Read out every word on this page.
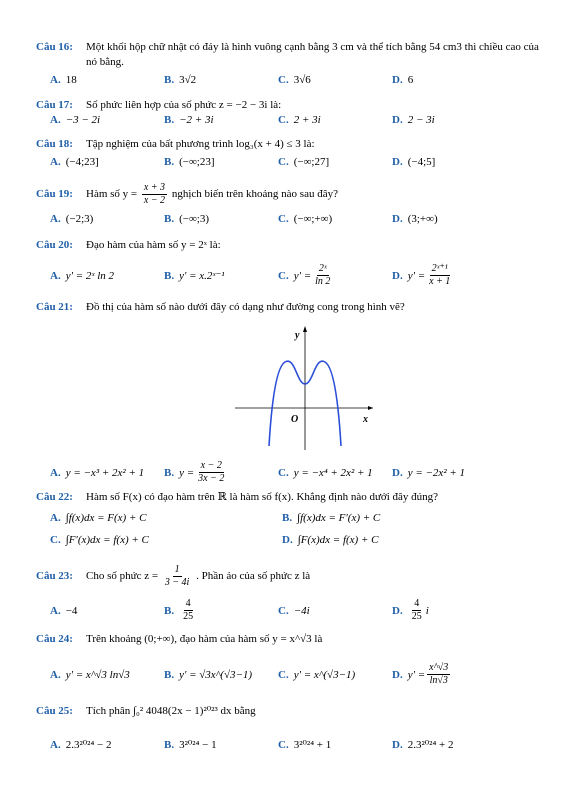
Câu 16:	Một khối hộp chữ nhật có đáy là hình vuông cạnh bằng 3 cm và thể tích bằng 54 cm3 thì chiều cao của nó bằng.
A. 18	B. 3√2	C. 3√6	D. 6
Câu 17:	Số phức liên hợp của số phức z = −2 − 3i là:
A. −3 − 2i	B. −2 + 3i	C. 2 + 3i	D. 2 − 3i
Câu 18:	Tập nghiệm của bất phương trình log₃(x + 4) ≤ 3 là:
A. (−4;23]	B. (−∞;23]	C. (−∞;27]	D. (−4;5]
Câu 19:	Hàm số $y = \frac{x + 3}{x - 2}$ nghịch biến trên khoảng nào sau đây?
A. (−2;3)	B. (−∞;3)	C. (−∞;+∞)	D. (3;+∞)
Câu 20:	Đạo hàm của hàm số y = 2ˣ là:
A. y' = 2ˣ ln 2	B. y' = x.2ˣ⁻¹	C. $y' = \frac{\text{2ˣ}}{\ln 2}$	D. $y' = \frac{\text{2ˣ⁺¹}}{x + 1}$
Câu 21:	Đồ thị của hàm số nào dưới đây có dạng như đường cong trong hình vẽ?
y
x
O
A. y = −x³ + 2x² + 1 B. $y = \frac{x - 2}{3x - 2}$	C. y = −x⁴ + 2x² + 1 D. y = −2x² + 1
Câu 22:	Hàm số F(x) có đạo hàm trên ℝ là hàm số f(x). Khẳng định nào dưới đây đúng?
A. ∫f(x)dx = F(x) + C	B. ∫f(x)dx = F′(x) + C
C. ∫F′(x)dx = f(x) + C	D. ∫F(x)dx = f(x) + C
Câu 23:	Cho số phức $z = \frac{1}{3 - 4i}$ . Phần ảo của số phức z là
A. −4	B. $\frac{4}{25}$	C. −4i	D. $\frac{4}{25}$ i
Câu 24:	Trên khoảng (0;+∞), đạo hàm của hàm số y = x^√3 là
A. y' = x^√3 ln√3	B. y' = √3x^(√3−1) C. y' = x^(√3−1)	D. $y' = \frac{x\^{}√3}{\ln√3}$
Câu 25:	Tích phân ∫₀² 4048(2x − 1)²⁰²³ dx bằng
A. 2.3²⁰²⁴ − 2	B. 3²⁰²⁴ − 1	C. 3²⁰²⁴ + 1	D. 2.3²⁰²⁴ + 2
